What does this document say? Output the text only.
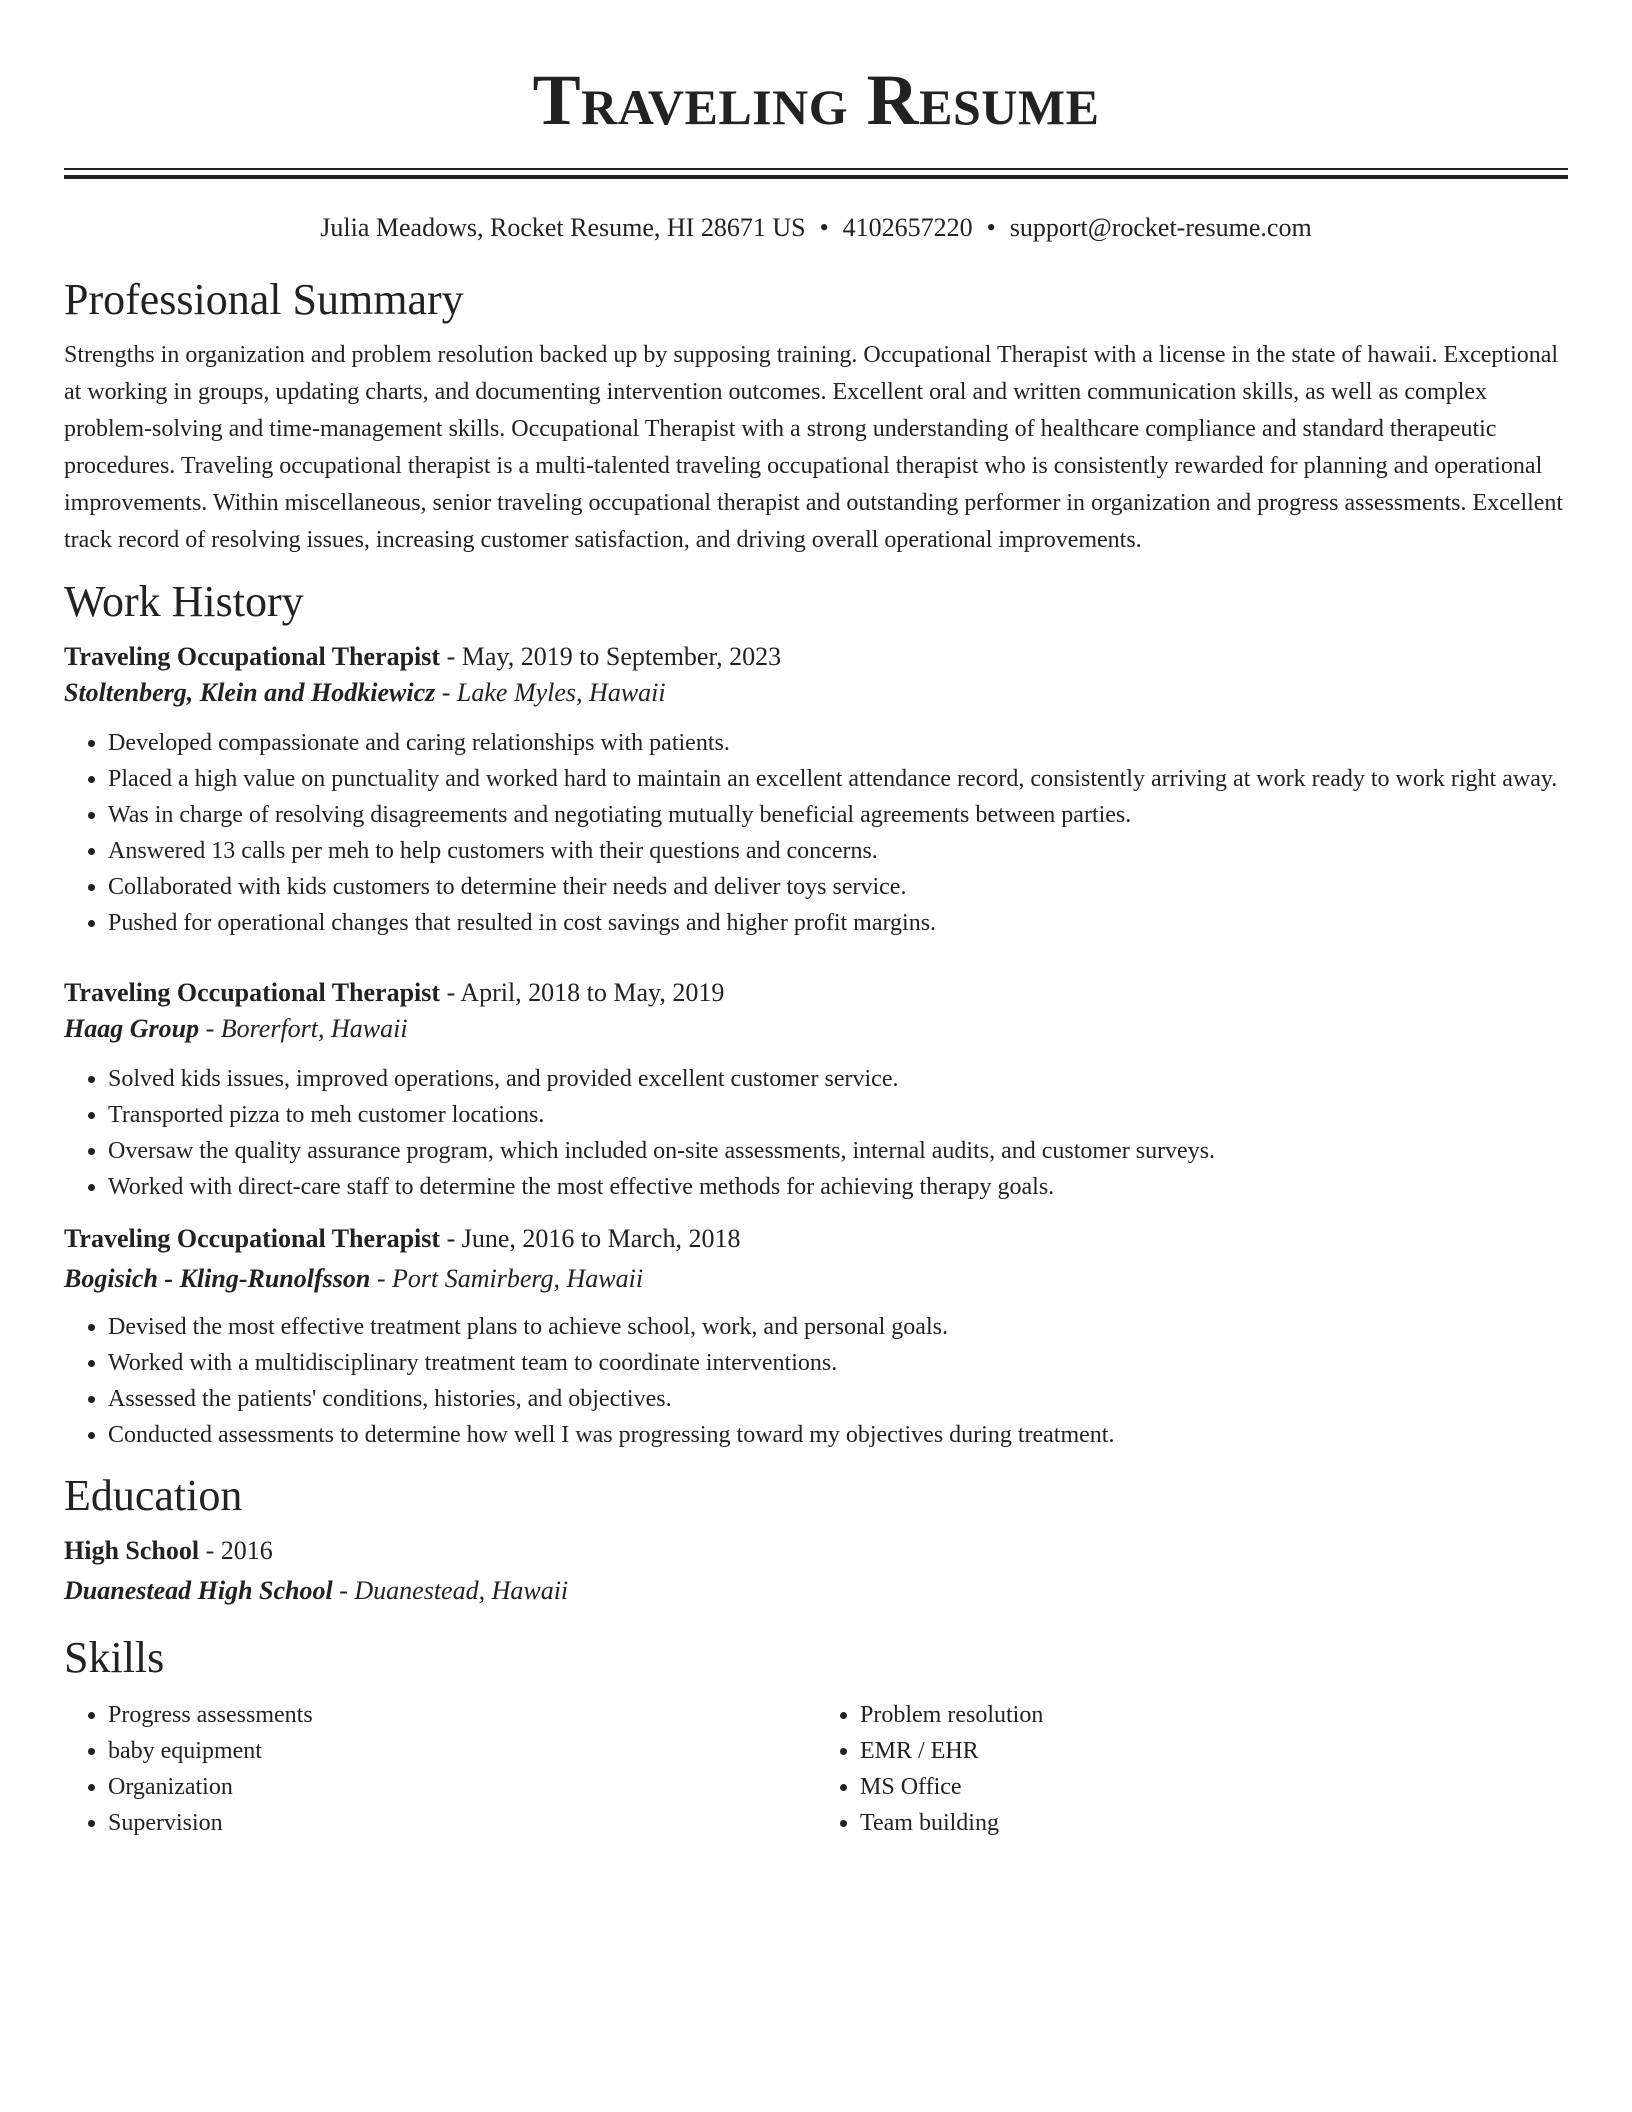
Traveling Resume
Julia Meadows, Rocket Resume, HI 28671 US • 4102657220 • support@rocket-resume.com
Professional Summary

Strengths in organization and problem resolution backed up by supposing training. Occupational Therapist with a license in the state of hawaii. Exceptional at working in groups, updating charts, and documenting intervention outcomes. Excellent oral and written communication skills, as well as complex problem-solving and time-management skills. Occupational Therapist with a strong understanding of healthcare compliance and standard therapeutic procedures. Traveling occupational therapist is a multi-talented traveling occupational therapist who is consistently rewarded for planning and operational improvements. Within miscellaneous, senior traveling occupational therapist and outstanding performer in organization and progress assessments. Excellent track record of resolving issues, increasing customer satisfaction, and driving overall operational improvements.

Work History

Traveling Occupational Therapist - May, 2019 to September, 2023

Stoltenberg, Klein and Hodkiewicz - Lake Myles, Hawaii

• Developed compassionate and caring relationships with patients.
• Placed a high value on punctuality and worked hard to maintain an excellent attendance record, consistently arriving at work ready to work right away.
• Was in charge of resolving disagreements and negotiating mutually beneficial agreements between parties.
• Answered 13 calls per meh to help customers with their questions and concerns.
• Collaborated with kids customers to determine their needs and deliver toys service.
• Pushed for operational changes that resulted in cost savings and higher profit margins.

Traveling Occupational Therapist - April, 2018 to May, 2019

Haag Group - Borerfort, Hawaii

• Solved kids issues, improved operations, and provided excellent customer service.
• Transported pizza to meh customer locations.
• Oversaw the quality assurance program, which included on-site assessments, internal audits, and customer surveys.
• Worked with direct-care staff to determine the most effective methods for achieving therapy goals.

Traveling Occupational Therapist - June, 2016 to March, 2018

Bogisich - Kling-Runolfsson - Port Samirberg, Hawaii

• Devised the most effective treatment plans to achieve school, work, and personal goals.
• Worked with a multidisciplinary treatment team to coordinate interventions.
• Assessed the patients' conditions, histories, and objectives.
• Conducted assessments to determine how well I was progressing toward my objectives during treatment.
Education

High School - 2016

Duanestead High School - Duanestead, Hawaii

Skills
• Progress assessments
• baby equipment
• Organization
• Supervision
• Problem resolution
• EMR / EHR
• MS Office
• Team building
